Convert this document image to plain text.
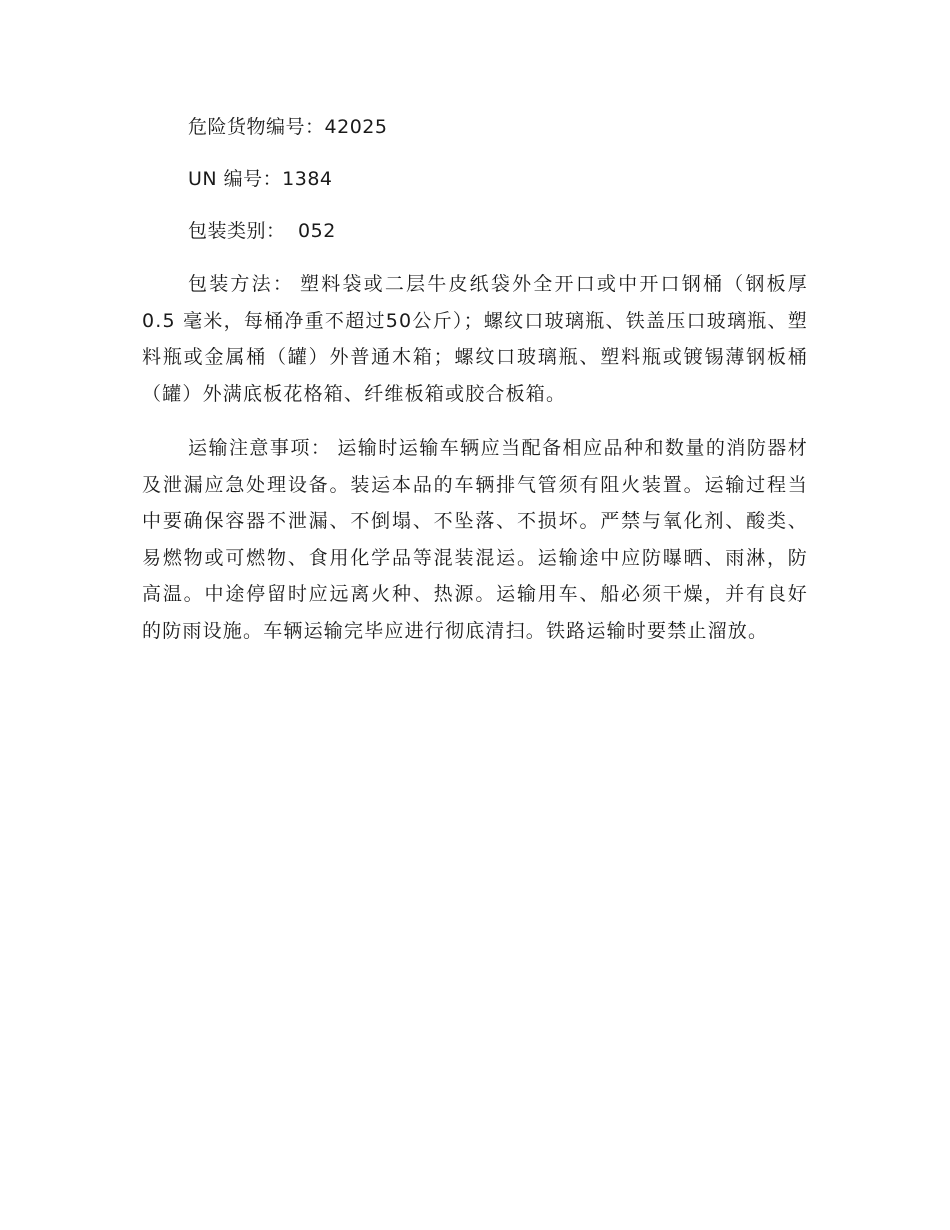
危险货物编号：42025

UN 编号：1384

包装类别： 052

包装方法： 塑料袋或二层牛皮纸袋外全开口或中开口钢桶（钢板厚0.5 毫米，每桶净重不超过50公斤）；螺纹口玻璃瓶、铁盖压口玻璃瓶、塑料瓶或金属桶（罐）外普通木箱；螺纹口玻璃瓶、塑料瓶或镀锡薄钢板桶（罐）外满底板花格箱、纤维板箱或胶合板箱。

运输注意事项： 运输时运输车辆应当配备相应品种和数量的消防器材及泄漏应急处理设备。装运本品的车辆排气管须有阻火装置。运输过程当中要确保容器不泄漏、不倒塌、不坠落、不损坏。严禁与氧化剂、酸类、易燃物或可燃物、食用化学品等混装混运。运输途中应防曝晒、雨淋，防高温。中途停留时应远离火种、热源。运输用车、船必须干燥，并有良好的防雨设施。车辆运输完毕应进行彻底清扫。铁路运输时要禁止溜放。
